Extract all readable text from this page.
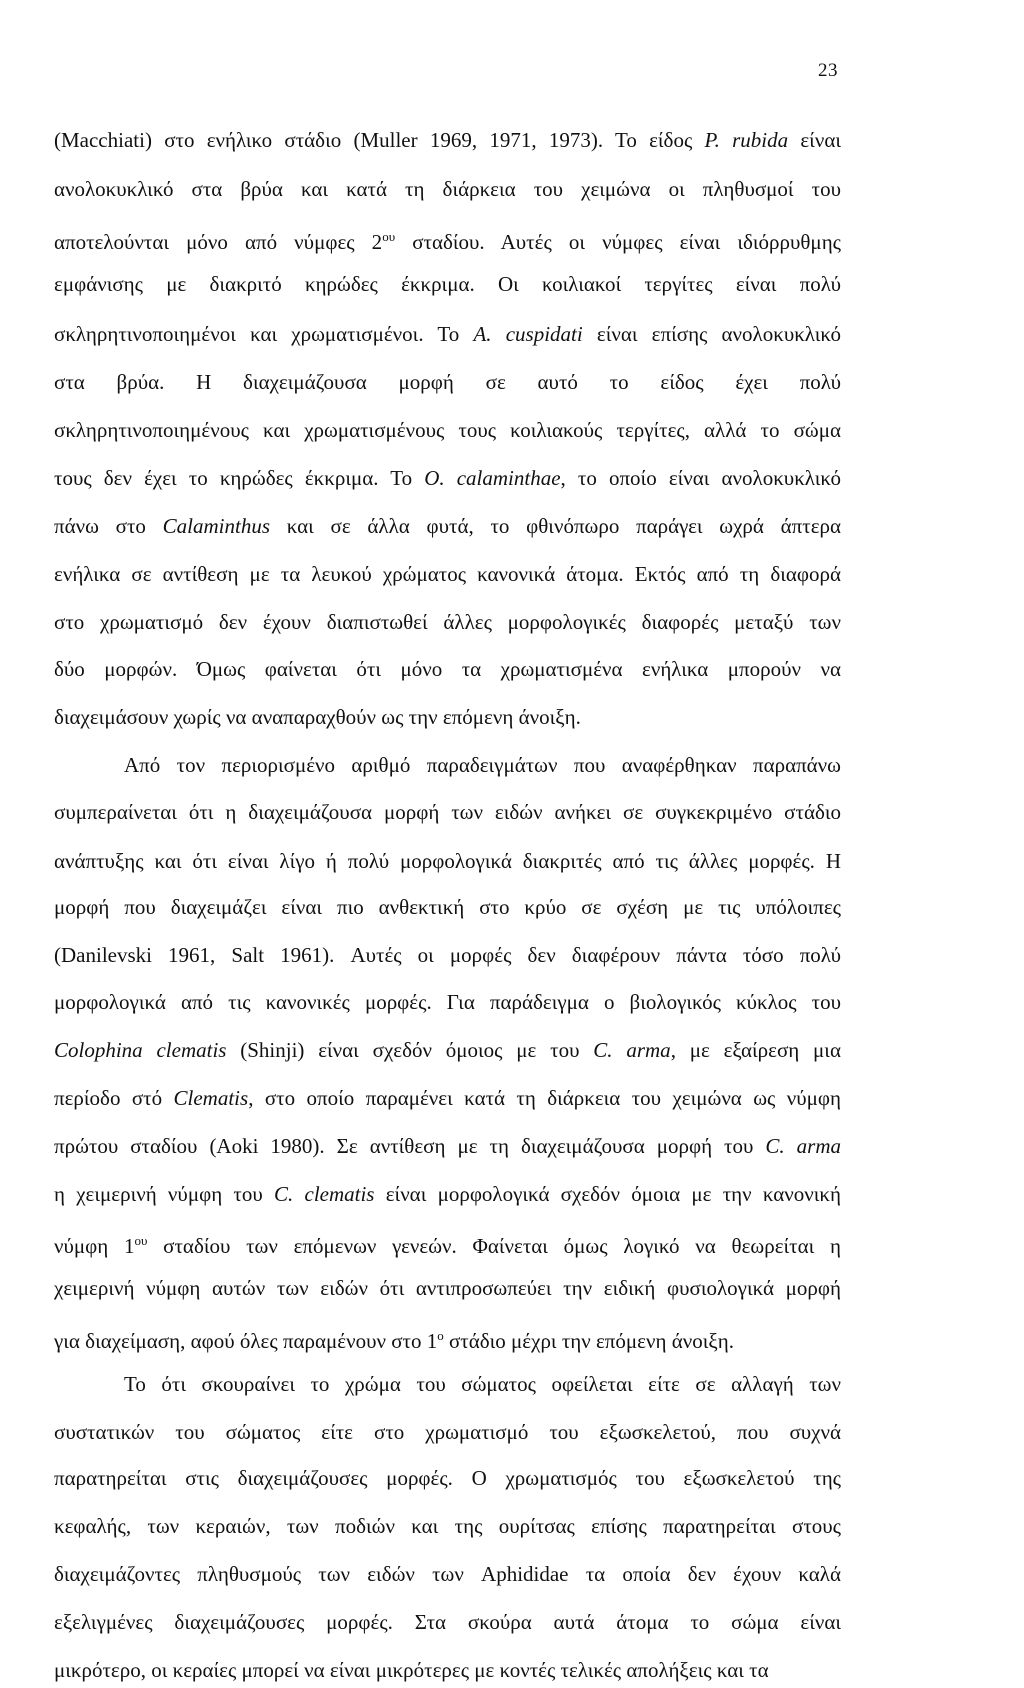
23
(Macchiati) στο ενήλικο στάδιο (Muller 1969, 1971, 1973). Το είδος P. rubida είναι
ανολοκυκλικό στα βρύα και κατά τη διάρκεια του χειμώνα οι πληθυσμοί του
αποτελούνται μόνο από νύμφες $2^{o\upsilon}$ σταδίου. Αυτές οι νύμφες είναι ιδιόρρυθμης
εμφάνισης με διακριτό κηρώδες έκκριμα. Οι κοιλιακοί τεργίτες είναι πολύ
σκληρητινοποιημένοι και χρωματισμένοι. Το A. cuspidati είναι επίσης ανολοκυκλικό
στα βρύα. Η διαχειμάζουσα μορφή σε αυτό το είδος έχει πολύ
σκληρητινοποιημένους και χρωματισμένους τους κοιλιακούς τεργίτες, αλλά το σώμα
τους δεν έχει το κηρώδες έκκριμα. Το O. calaminthae, το οποίο είναι ανολοκυκλικό
πάνω στο Calaminthus και σε άλλα φυτά, το φθινόπωρο παράγει ωχρά άπτερα
ενήλικα σε αντίθεση με τα λευκού χρώματος κανονικά άτομα. Εκτός από τη διαφορά
στο χρωματισμό δεν έχουν διαπιστωθεί άλλες μορφολογικές διαφορές μεταξύ των
δύο μορφών. Όμως φαίνεται ότι μόνο τα χρωματισμένα ενήλικα μπορούν να
διαχειμάσουν χωρίς να αναπαραχθούν ως την επόμενη άνοιξη.
Από τον περιορισμένο αριθμό παραδειγμάτων που αναφέρθηκαν παραπάνω
συμπεραίνεται ότι η διαχειμάζουσα μορφή των ειδών ανήκει σε συγκεκριμένο στάδιο
ανάπτυξης και ότι είναι λίγο ή πολύ μορφολογικά διακριτές από τις άλλες μορφές. Η
μορφή που διαχειμάζει είναι πιο ανθεκτική στο κρύο σε σχέση με τις υπόλοιπες
(Danilevski 1961, Salt 1961). Αυτές οι μορφές δεν διαφέρουν πάντα τόσο πολύ
μορφολογικά από τις κανονικές μορφές. Για παράδειγμα ο βιολογικός κύκλος του
Colophina clematis (Shinji) είναι σχεδόν όμοιος με του C. arma, με εξαίρεση μια
περίοδο στό Clematis, στο οποίο παραμένει κατά τη διάρκεια του χειμώνα ως νύμφη
πρώτου σταδίου (Aoki 1980). Σε αντίθεση με τη διαχειμάζουσα μορφή του C. arma
η χειμερινή νύμφη του C. clematis είναι μορφολογικά σχεδόν όμοια με την κανονική
νύμφη $1^{o\upsilon}$ σταδίου των επόμενων γενεών. Φαίνεται όμως λογικό να θεωρείται η
χειμερινή νύμφη αυτών των ειδών ότι αντιπροσωπεύει την ειδική φυσιολογικά μορφή
για διαχείμαση, αφού όλες παραμένουν στο $1^o$ στάδιο μέχρι την επόμενη άνοιξη.
Το ότι σκουραίνει το χρώμα του σώματος οφείλεται είτε σε αλλαγή των
συστατικών του σώματος είτε στο χρωματισμό του εξωσκελετού, που συχνά
παρατηρείται στις διαχειμάζουσες μορφές. Ο χρωματισμός του εξωσκελετού της
κεφαλής, των κεραιών, των ποδιών και της ουρίτσας επίσης παρατηρείται στους
διαχειμάζοντες πληθυσμούς των ειδών των Aphididae τα οποία δεν έχουν καλά
εξελιγμένες διαχειμάζουσες μορφές. Στα σκούρα αυτά άτομα το σώμα είναι
μικρότερο, οι κεραίες μπορεί να είναι μικρότερες με κοντές τελικές απολήξεις και τα
